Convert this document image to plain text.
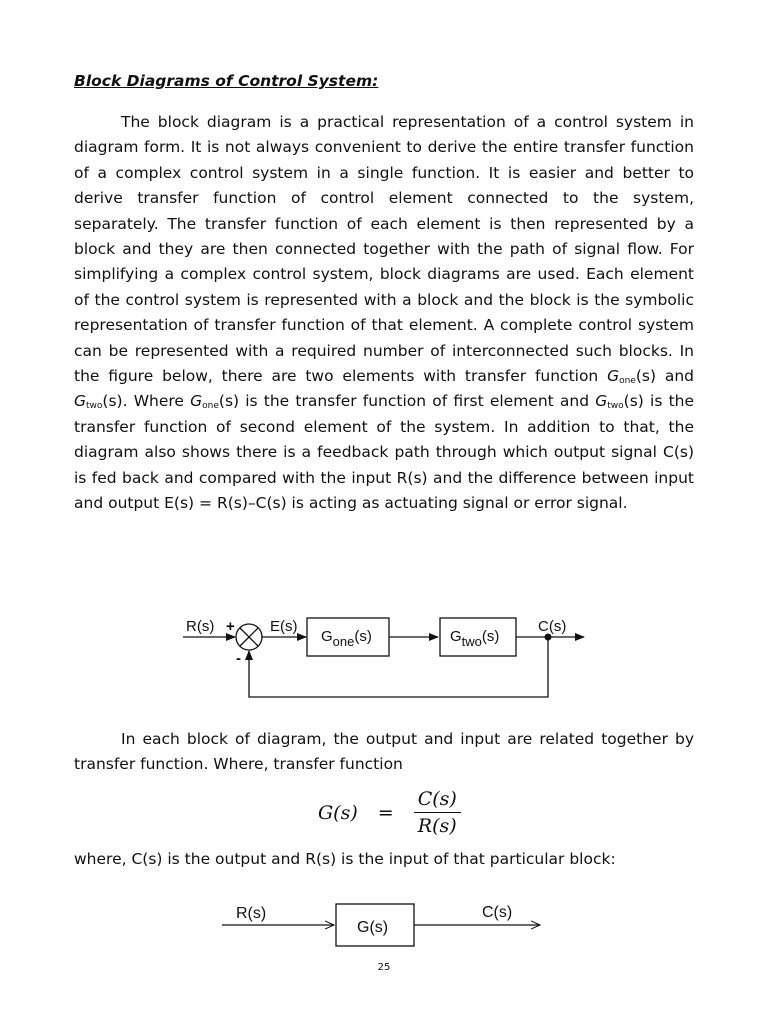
Block Diagrams of Control System:

The block diagram is a practical representation of a control system in diagram form. It is not always convenient to derive the entire transfer function of a complex control system in a single function. It is easier and better to derive transfer function of control element connected to the system, separately. The transfer function of each element is then represented by a block and they are then connected together with the path of signal flow. For simplifying a complex control system, block diagrams are used. Each element of the control system is represented with a block and the block is the symbolic representation of transfer function of that element. A complete control system can be represented with a required number of interconnected such blocks. In the figure below, there are two elements with transfer function $G_{one}(s)$ and $G_{two}(s)$. Where $G_{one}(s)$ is the transfer function of first element and $G_{two}(s)$ is the transfer function of second element of the system. In addition to that, the diagram also shows there is a feedback path through which output signal C(s) is fed back and compared with the input R(s) and the difference between input and output E(s) = R(s)–C(s) is acting as actuating signal or error signal.

R(s) +
-
E(s)
Gone(s)	Gtwo(s)
C(s)
R(s)
G(s)
C(s)

In each block of diagram, the output and input are related together by transfer function. Where, transfer function

$G(s) = \frac{C(s)}{R(s)}$

where, C(s) is the output and R(s) is the input of that particular block:

25
